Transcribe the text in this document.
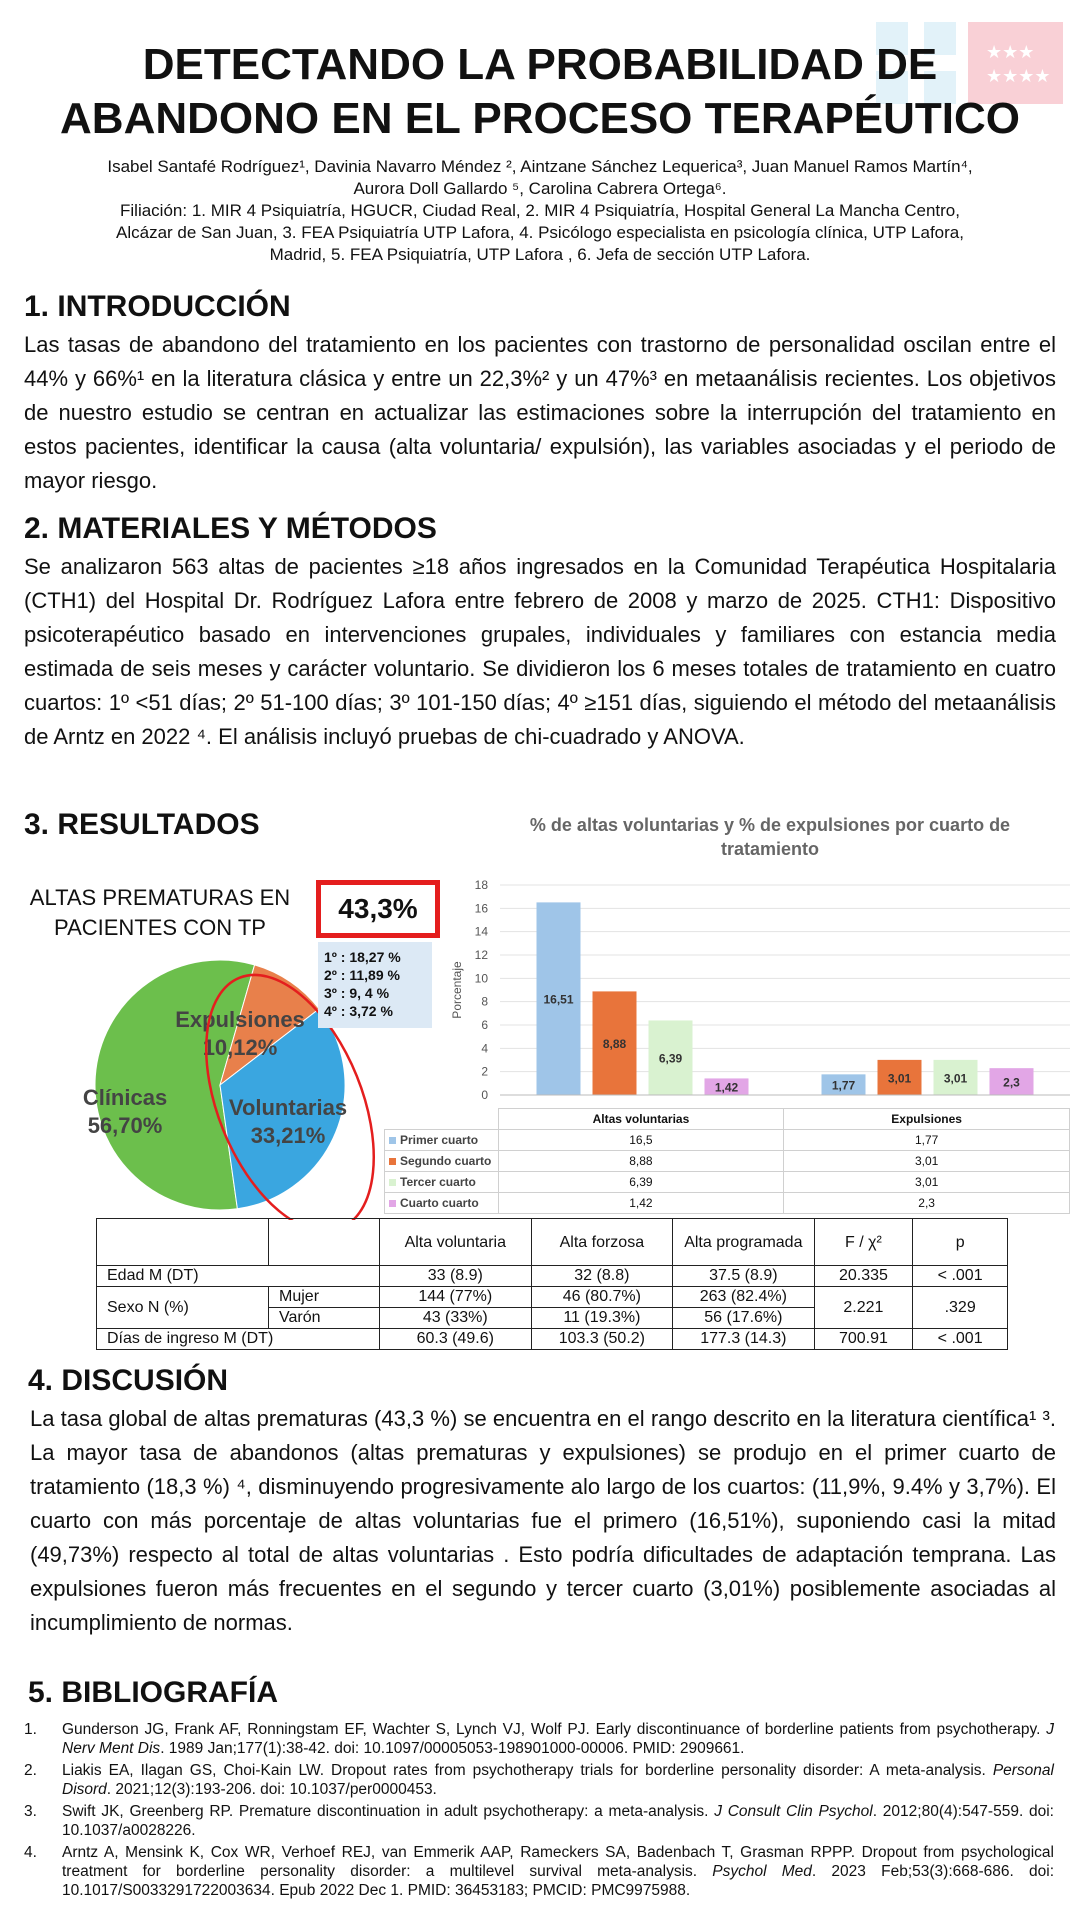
★★★
★★★★
DETECTANDO LA PROBABILIDAD DE
ABANDONO EN EL PROCESO TERAPÉUTICO
Isabel Santafé Rodríguez¹, Davinia Navarro Méndez ², Aintzane Sánchez Lequerica³, Juan Manuel Ramos Martín⁴,
Aurora Doll Gallardo ⁵, Carolina Cabrera Ortega⁶.
Filiación: 1. MIR 4 Psiquiatría, HGUCR, Ciudad Real, 2. MIR 4 Psiquiatría, Hospital General La Mancha Centro,
Alcázar de San Juan, 3. FEA Psiquiatría UTP Lafora, 4. Psicólogo especialista en psicología clínica, UTP Lafora,
Madrid, 5. FEA Psiquiatría, UTP Lafora , 6. Jefa de sección UTP Lafora.
1. INTRODUCCIÓN
Las tasas de abandono del tratamiento en los pacientes con trastorno de personalidad oscilan entre el 44% y 66%¹ en la literatura clásica y entre un 22,3%² y un 47%³ en metaanálisis recientes. Los objetivos de nuestro estudio se centran en actualizar las estimaciones sobre la interrupción del tratamiento en estos pacientes, identificar la causa (alta voluntaria/ expulsión), las variables asociadas y el periodo de mayor riesgo.
2. MATERIALES Y MÉTODOS
Se analizaron 563 altas de pacientes ≥18 años ingresados en la Comunidad Terapéutica Hospitalaria (CTH1) del Hospital Dr. Rodríguez Lafora entre febrero de 2008 y marzo de 2025. CTH1: Dispositivo psicoterapéutico basado en intervenciones grupales, individuales y familiares con estancia media estimada de seis meses y carácter voluntario. Se dividieron los 6 meses totales de tratamiento en cuatro cuartos: 1º <51 días; 2º 51-100 días; 3º 101-150 días; 4º ≥151 días, siguiendo el método del metaanálisis de Arntz en 2022 ⁴. El análisis incluyó pruebas de chi-cuadrado y ANOVA.
3. RESULTADOS
ALTAS PREMATURAS EN
PACIENTES CON TP
Clínicas
56,70%
Expulsiones
10,12%
Voluntarias
33,21%
43,3%
1º : 18,27 %
2º : 11,89 %
3º : 9, 4 %
4º : 3,72 %
% de altas voluntarias y % de expulsiones por cuarto de
tratamiento
0
2
4
6
8
10
12
14
16
18
Porcentaje	16,51
8,88
6,39
1,42	1,77
3,01	3,01	2,3
	Altas voluntarias	Expulsiones
Primer cuarto	16,5	1,77
Segundo cuarto	8,88	3,01
Tercer cuarto	6,39	3,01
Cuarto cuarto	1,42	2,3
		Alta voluntaria	Alta forzosa	Alta programada	F / χ²	p
Edad M (DT)		33 (8.9)	32 (8.8)	37.5 (8.9)	20.335	< .001
Sexo N (%)	Mujer	144 (77%)	46 (80.7%)	263 (82.4%)	2.221	.329
	Varón	43 (33%)	11 (19.3%)	56 (17.6%)		
Días de ingreso M (DT)		60.3 (49.6)	103.3 (50.2)	177.3 (14.3)	700.91	< .001
4. DISCUSIÓN
La tasa global de altas prematuras (43,3 %) se encuentra en el rango descrito en la literatura científica¹ ³. La mayor tasa de abandonos (altas prematuras y expulsiones) se produjo en el primer cuarto de tratamiento (18,3 %) ⁴, disminuyendo progresivamente alo largo de los cuartos: (11,9%, 9.4% y 3,7%). El cuarto con más porcentaje de altas voluntarias fue el primero (16,51%), suponiendo casi la mitad (49,73%) respecto al total de altas voluntarias . Esto podría dificultades de adaptación temprana. Las expulsiones fueron más frecuentes en el segundo y tercer cuarto (3,01%) posiblemente asociadas al incumplimiento de normas.
5. BIBLIOGRAFÍA
1. Gunderson JG, Frank AF, Ronningstam EF, Wachter S, Lynch VJ, Wolf PJ. Early discontinuance of borderline patients from psychotherapy. J Nerv Ment Dis. 1989 Jan;177(1):38-42. doi: 10.1097/00005053-198901000-00006. PMID: 2909661.
2. Liakis EA, Ilagan GS, Choi-Kain LW. Dropout rates from psychotherapy trials for borderline personality disorder: A meta-analysis. Personal Disord. 2021;12(3):193-206. doi: 10.1037/per0000453.
3. Swift JK, Greenberg RP. Premature discontinuation in adult psychotherapy: a meta-analysis. J Consult Clin Psychol. 2012;80(4):547-559. doi: 10.1037/a0028226.
4. Arntz A, Mensink K, Cox WR, Verhoef REJ, van Emmerik AAP, Rameckers SA, Badenbach T, Grasman RPPP. Dropout from psychological treatment for borderline personality disorder: a multilevel survival meta-analysis. Psychol Med. 2023 Feb;53(3):668-686. doi: 10.1017/S0033291722003634. Epub 2022 Dec 1. PMID: 36453183; PMCID: PMC9975988.
